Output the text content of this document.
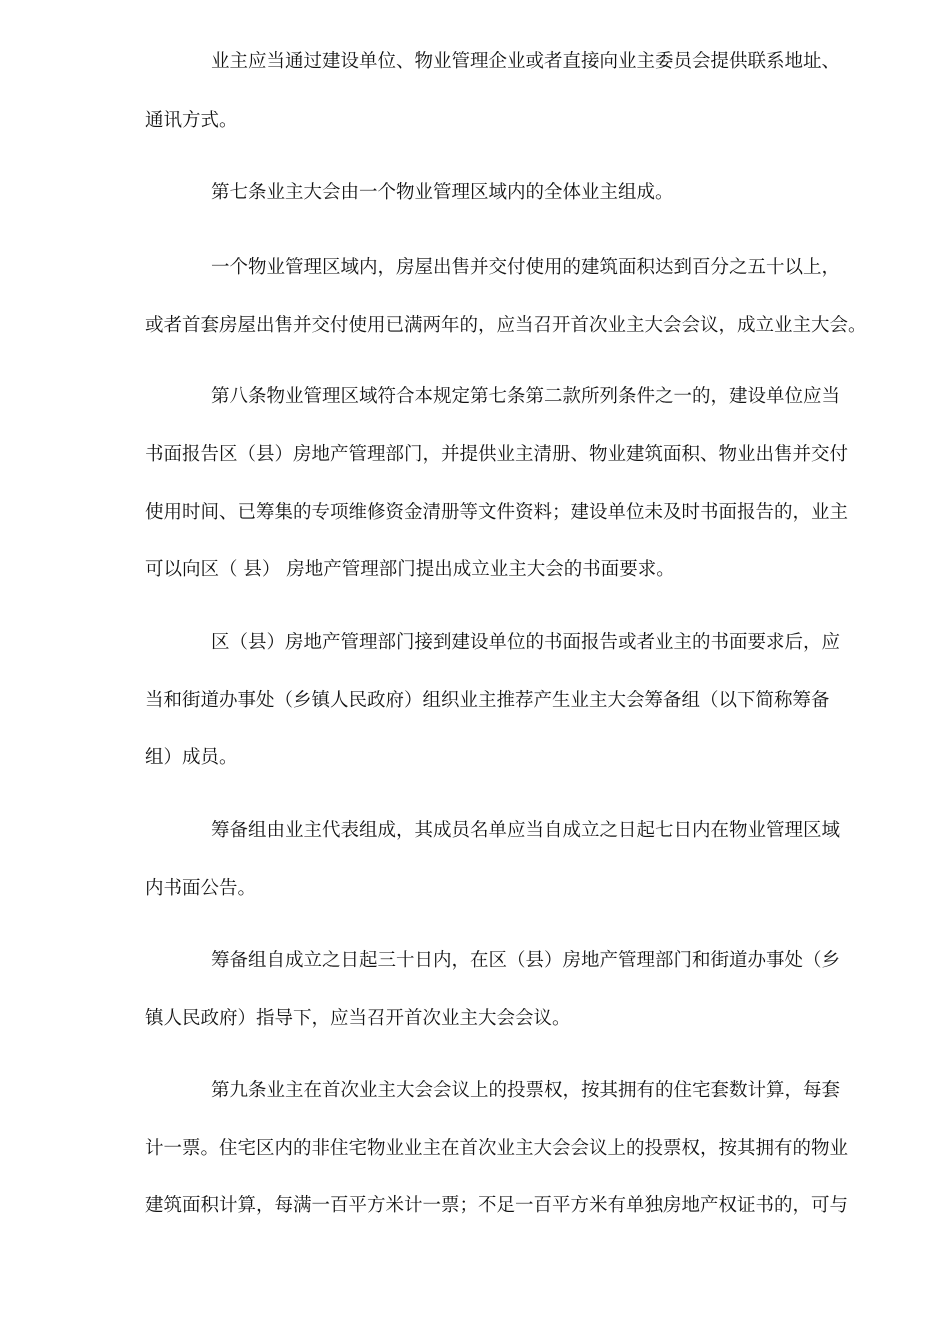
业主应当通过建设单位、物业管理企业或者直接向业主委员会提供联系地址、
通讯方式。
第七条业主大会由一个物业管理区域内的全体业主组成。
一个物业管理区域内，房屋出售并交付使用的建筑面积达到百分之五十以上，
或者首套房屋出售并交付使用已满两年的，应当召开首次业主大会会议，成立业主大会。
第八条物业管理区域符合本规定第七条第二款所列条件之一的，建设单位应当
书面报告区（县）房地产管理部门，并提供业主清册、物业建筑面积、物业出售并交付
使用时间、已筹集的专项维修资金清册等文件资料；建设单位未及时书面报告的，业主
可以向区（ 县） 房地产管理部门提出成立业主大会的书面要求。
区（县）房地产管理部门接到建设单位的书面报告或者业主的书面要求后，应
当和街道办事处（乡镇人民政府）组织业主推荐产生业主大会筹备组（以下简称筹备
组）成员。
筹备组由业主代表组成，其成员名单应当自成立之日起七日内在物业管理区域
内书面公告。
筹备组自成立之日起三十日内，在区（县）房地产管理部门和街道办事处（乡
镇人民政府）指导下，应当召开首次业主大会会议。
第九条业主在首次业主大会会议上的投票权，按其拥有的住宅套数计算，每套
计一票。住宅区内的非住宅物业业主在首次业主大会会议上的投票权，按其拥有的物业
建筑面积计算，每满一百平方米计一票；不足一百平方米有单独房地产权证书的，可与
